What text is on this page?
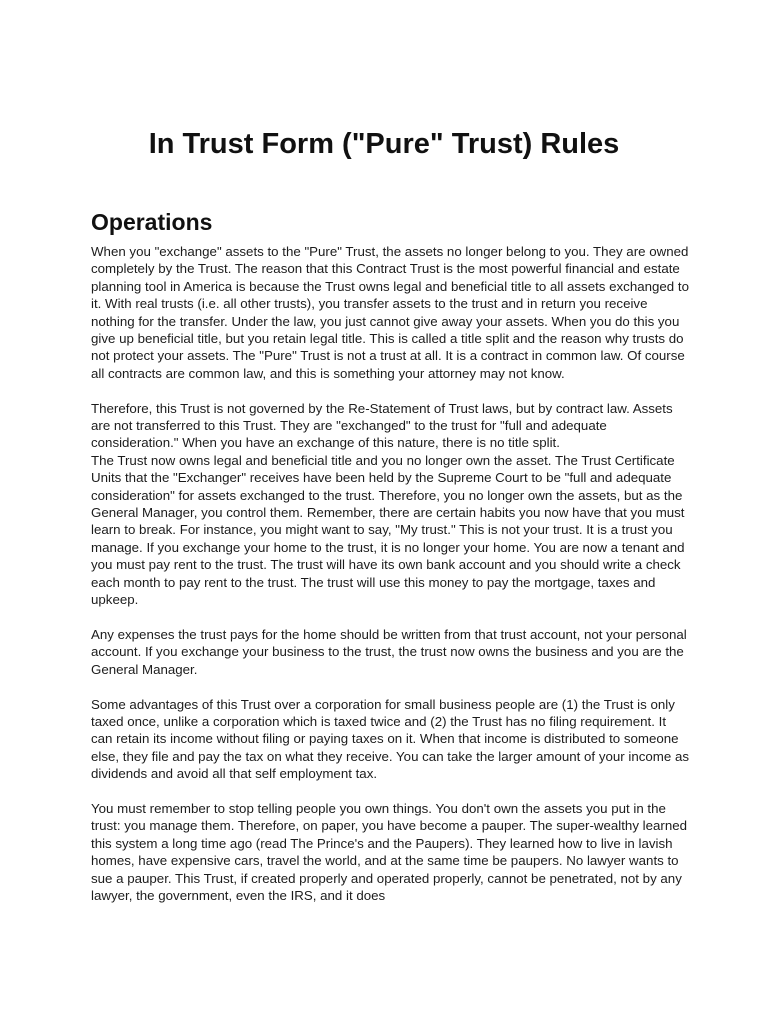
In Trust Form ("Pure" Trust) Rules
Operations

When you "exchange" assets to the "Pure" Trust, the assets no longer belong to you. They are owned completely by the Trust. The reason that this Contract Trust is the most powerful financial and estate planning tool in America is because the Trust owns legal and beneficial title to all assets exchanged to it. With real trusts (i.e. all other trusts), you transfer assets to the trust and in return you receive nothing for the transfer. Under the law, you just cannot give away your assets. When you do this you give up beneficial title, but you retain legal title. This is called a title split and the reason why trusts do not protect your assets. The "Pure" Trust is not a trust at all. It is a contract in common law. Of course all contracts are common law, and this is something your attorney may not know.

Therefore, this Trust is not governed by the Re-Statement of Trust laws, but by contract law. Assets are not transferred to this Trust. They are "exchanged" to the trust for "full and adequate consideration." When you have an exchange of this nature, there is no title split.

The Trust now owns legal and beneficial title and you no longer own the asset. The Trust Certificate Units that the "Exchanger" receives have been held by the Supreme Court to be "full and adequate consideration" for assets exchanged to the trust. Therefore, you no longer own the assets, but as the General Manager, you control them. Remember, there are certain habits you now have that you must learn to break. For instance, you might want to say, "My trust." This is not your trust. It is a trust you manage. If you exchange your home to the trust, it is no longer your home. You are now a tenant and you must pay rent to the trust. The trust will have its own bank account and you should write a check each month to pay rent to the trust. The trust will use this money to pay the mortgage, taxes and upkeep.

Any expenses the trust pays for the home should be written from that trust account, not your personal account. If you exchange your business to the trust, the trust now owns the business and you are the General Manager.

Some advantages of this Trust over a corporation for small business people are (1) the Trust is only taxed once, unlike a corporation which is taxed twice and (2) the Trust has no filing requirement. It can retain its income without filing or paying taxes on it. When that income is distributed to someone else, they file and pay the tax on what they receive. You can take the larger amount of your income as dividends and avoid all that self employment tax.

You must remember to stop telling people you own things. You don't own the assets you put in the trust: you manage them. Therefore, on paper, you have become a pauper. The super-wealthy learned this system a long time ago (read The Prince's and the Paupers). They learned how to live in lavish homes, have expensive cars, travel the world, and at the same time be paupers. No lawyer wants to sue a pauper. This Trust, if created properly and operated properly, cannot be penetrated, not by any lawyer, the government, even the IRS, and it does
